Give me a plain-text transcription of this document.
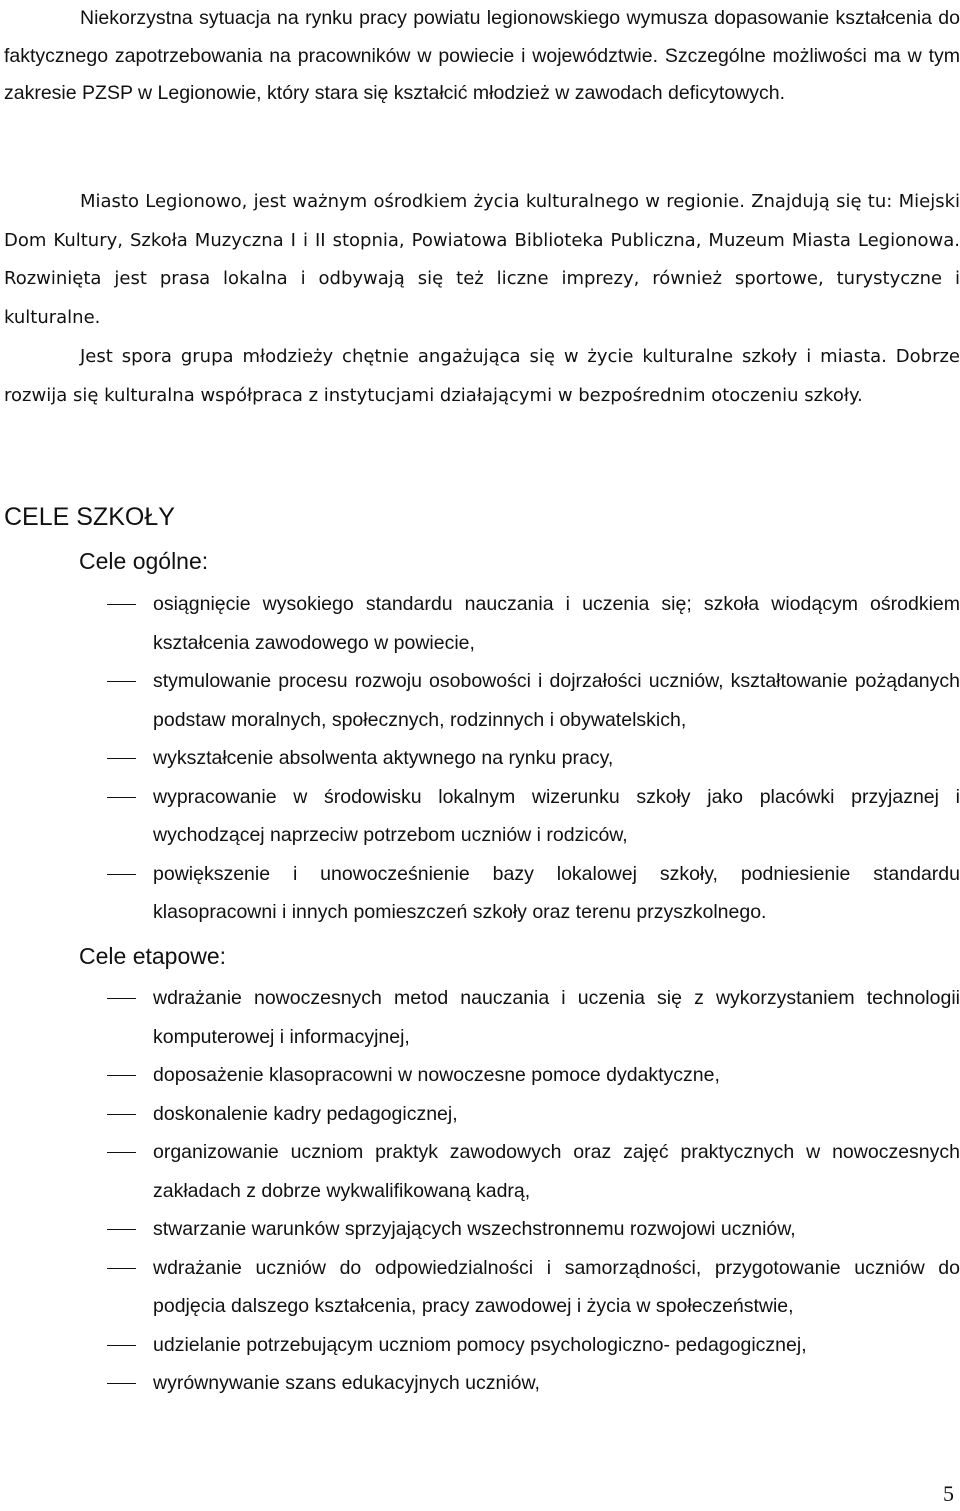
Niekorzystna sytuacja na rynku pracy powiatu legionowskiego wymusza dopasowanie kształcenia do faktycznego zapotrzebowania na pracowników w powiecie i województwie. Szczególne możliwości ma w tym zakresie PZSP w Legionowie, który stara się kształcić młodzież w zawodach deficytowych.

Miasto Legionowo, jest ważnym ośrodkiem życia kulturalnego w regionie. Znajdują się tu: Miejski Dom Kultury, Szkoła Muzyczna I i II stopnia, Powiatowa Biblioteka Publiczna, Muzeum Miasta Legionowa. Rozwinięta jest prasa lokalna i odbywają się też liczne imprezy, również sportowe, turystyczne i kulturalne.

Jest spora grupa młodzieży chętnie angażująca się w życie kulturalne szkoły i miasta. Dobrze rozwija się kulturalna współpraca z instytucjami działającymi w bezpośrednim otoczeniu szkoły.

CELE SZKOŁY
Cele ogólne:
osiągnięcie wysokiego standardu nauczania i uczenia się; szkoła wiodącym ośrodkiem kształcenia zawodowego w powiecie,
stymulowanie procesu rozwoju osobowości i dojrzałości uczniów, kształtowanie pożądanych podstaw moralnych, społecznych, rodzinnych i obywatelskich,
wykształcenie absolwenta aktywnego na rynku pracy,
wypracowanie w środowisku lokalnym wizerunku szkoły jako placówki przyjaznej i wychodzącej naprzeciw potrzebom uczniów i rodziców,
powiększenie i unowocześnienie bazy lokalowej szkoły, podniesienie standardu klasopracowni i innych pomieszczeń szkoły oraz terenu przyszkolnego.
Cele etapowe:
wdrażanie nowoczesnych metod nauczania i uczenia się z wykorzystaniem technologii komputerowej i informacyjnej,
doposażenie klasopracowni w nowoczesne pomoce dydaktyczne,
doskonalenie kadry pedagogicznej,
organizowanie uczniom praktyk zawodowych oraz zajęć praktycznych w nowoczesnych zakładach z dobrze wykwalifikowaną kadrą,
stwarzanie warunków sprzyjających wszechstronnemu rozwojowi uczniów,
wdrażanie uczniów do odpowiedzialności i samorządności, przygotowanie uczniów do podjęcia dalszego kształcenia, pracy zawodowej i życia w społeczeństwie,
udzielanie potrzebującym uczniom pomocy psychologiczno- pedagogicznej,
wyrównywanie szans edukacyjnych uczniów,
5
